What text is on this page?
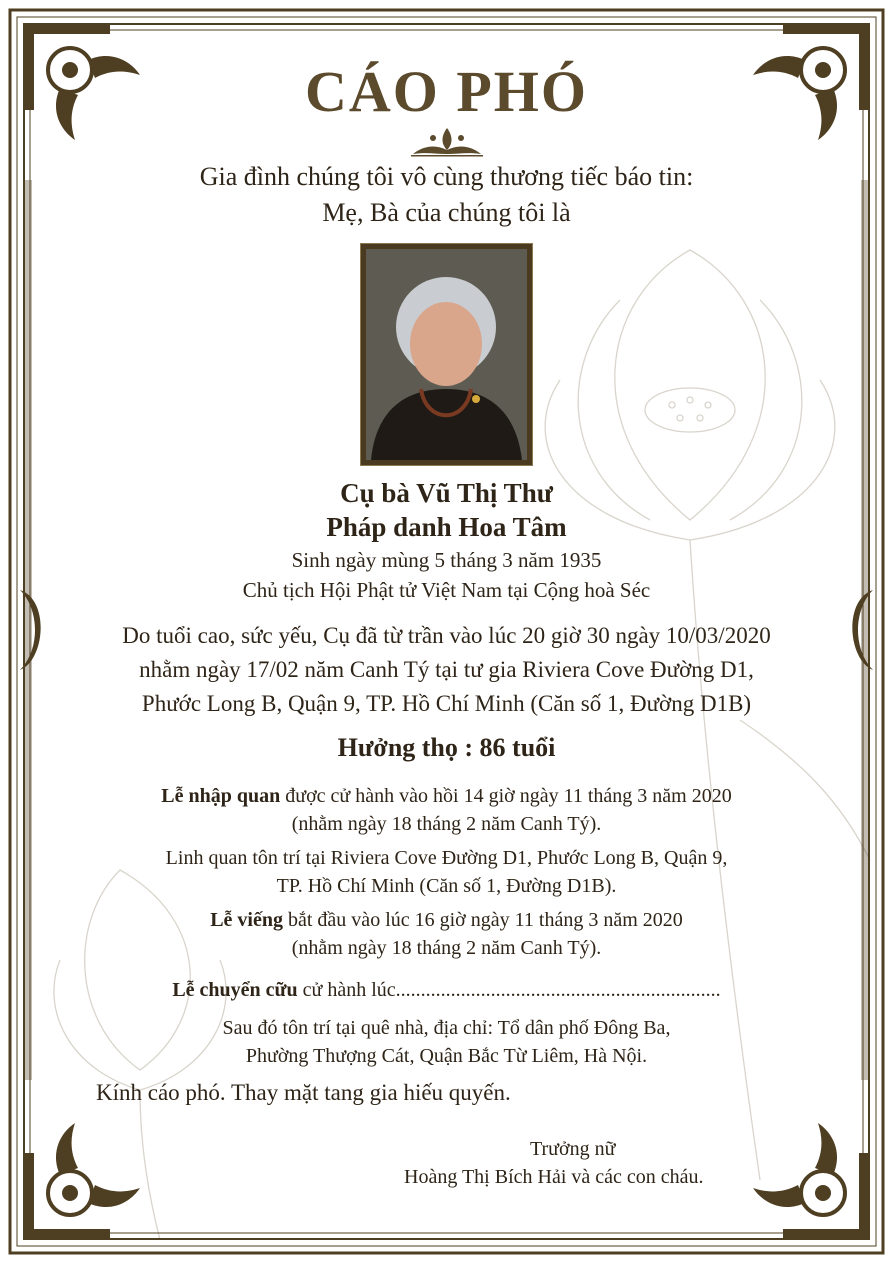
CÁO PHÓ
Gia đình chúng tôi vô cùng thương tiếc báo tin:
Mẹ, Bà của chúng tôi là
Cụ bà Vũ Thị Thư
Pháp danh Hoa Tâm
Sinh ngày mùng 5 tháng 3 năm 1935
Chủ tịch Hội Phật tử Việt Nam tại Cộng hoà Séc
Do tuổi cao, sức yếu, Cụ đã từ trần vào lúc 20 giờ 30 ngày 10/03/2020
nhằm ngày 17/02 năm Canh Tý tại tư gia Riviera Cove Đường D1,
Phước Long B, Quận 9, TP. Hồ Chí Minh (Căn số 1, Đường D1B)
Hưởng thọ : 86 tuổi
Lễ nhập quan được cử hành vào hồi 14 giờ ngày 11 tháng 3 năm 2020
(nhằm ngày 18 tháng 2 năm Canh Tý).
Linh quan tôn trí tại Riviera Cove Đường D1, Phước Long B, Quận 9,
TP. Hồ Chí Minh (Căn số 1, Đường D1B).
Lễ viếng bắt đầu vào lúc 16 giờ ngày 11 tháng 3 năm 2020
(nhằm ngày 18 tháng 2 năm Canh Tý).
Lễ chuyển cữu cử hành lúc.................................................................
Sau đó tôn trí tại quê nhà, địa chỉ: Tổ dân phố Đông Ba,
Phường Thượng Cát, Quận Bắc Từ Liêm, Hà Nội.
Kính cáo phó. Thay mặt tang gia hiếu quyến.
Trưởng nữ
Hoàng Thị Bích Hải và các con cháu.
